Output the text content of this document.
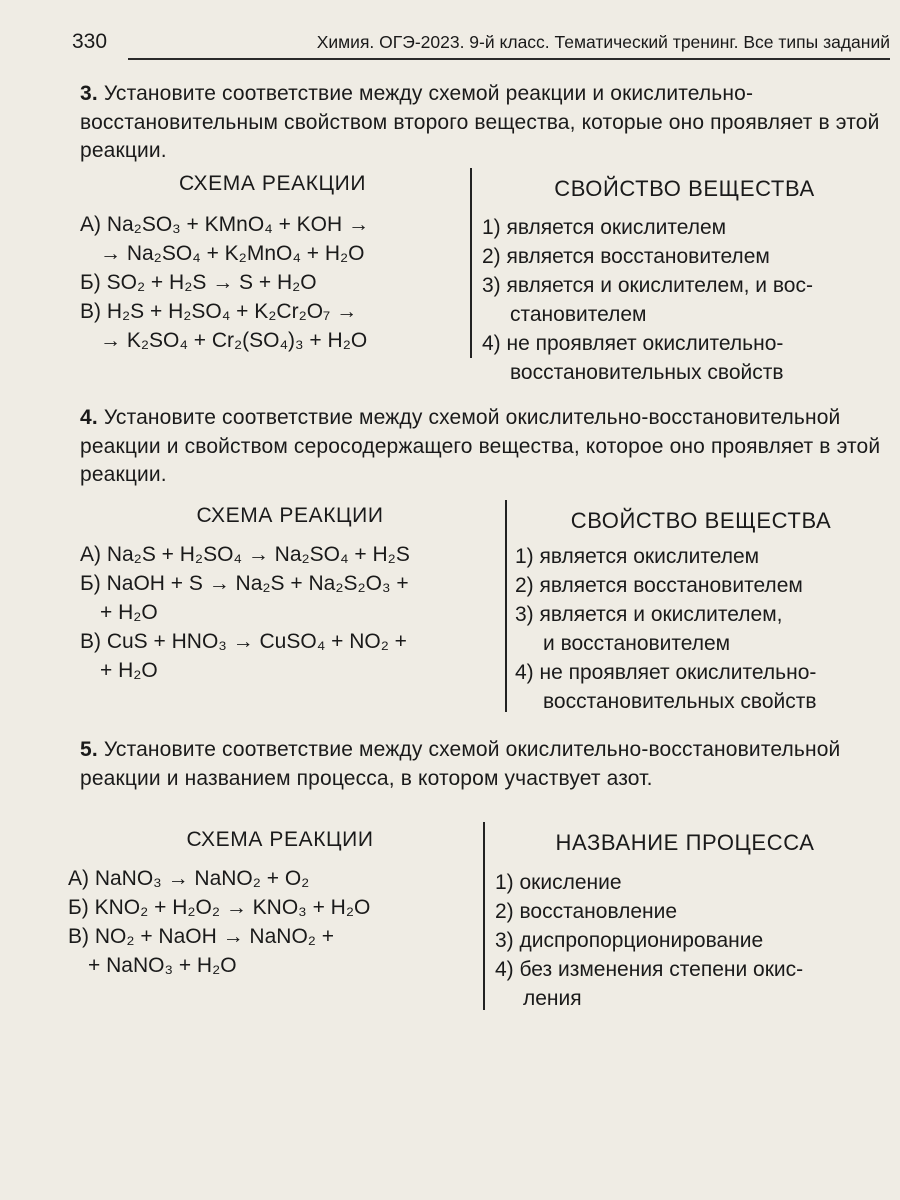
330	Химия. ОГЭ-2023. 9-й класс. Тематический тренинг. Все типы заданий
3. Установите соответствие между схемой реакции и окислительно-восстановительным свойством второго вещества, которые оно проявляет в этой реакции.
СХЕМА РЕАКЦИИ	СВОЙСТВО ВЕЩЕСТВА
А) Na₂SO₃ + KMnO₄ + KOH →
→ Na₂SO₄ + K₂MnO₄ + H₂O
Б) SO₂ + H₂S → S + H₂O
В) H₂S + H₂SO₄ + K₂Cr₂O₇ →
→ K₂SO₄ + Cr₂(SO₄)₃ + H₂O
1) является окислителем
2) является восстановителем
3) является и окислителем, и вос-
становителем
4) не проявляет окислительно-
восстановительных свойств
4. Установите соответствие между схемой окислительно-восстановительной реакции и свойством серосодержащего вещества, которое оно проявляет в этой реакции.
СХЕМА РЕАКЦИИ	СВОЙСТВО ВЕЩЕСТВА
А) Na₂S + H₂SO₄ → Na₂SO₄ + H₂S
Б) NaOH + S → Na₂S + Na₂S₂O₃ +
+ H₂O
В) CuS + HNO₃ → CuSO₄ + NO₂ +
+ H₂O
1) является окислителем
2) является восстановителем
3) является и окислителем,
и восстановителем
4) не проявляет окислительно-
восстановительных свойств
5. Установите соответствие между схемой окислительно-восстановительной реакции и названием процесса, в котором участвует азот.
СХЕМА РЕАКЦИИ	НАЗВАНИЕ ПРОЦЕССА
А) NaNO₃ → NaNO₂ + O₂
Б) KNO₂ + H₂O₂ → KNO₃ + H₂O
В) NO₂ + NaOH → NaNO₂ +
+ NaNO₃ + H₂O
1) окисление
2) восстановление
3) диспропорционирование
4) без изменения степени окис-
ления
